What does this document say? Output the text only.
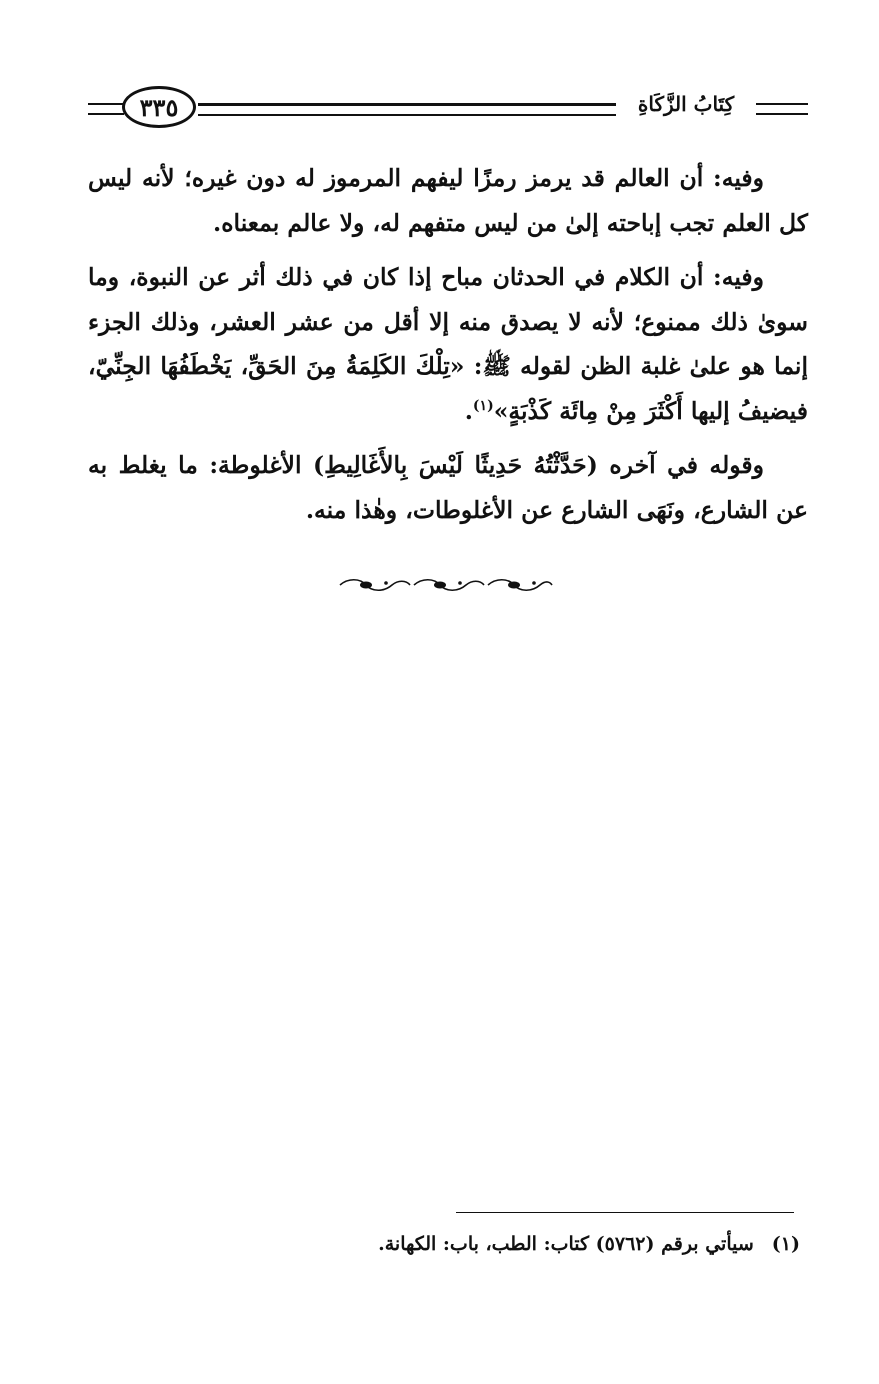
٣٣٥	كِتَابُ الزَّكَاةِ

وفيه: أن العالم قد يرمز رمزًا ليفهم المرموز له دون غيره؛ لأنه ليس كل العلم تجب إباحته إلىٰ من ليس متفهم له، ولا عالم بمعناه.

وفيه: أن الكلام في الحدثان مباح إذا كان في ذلك أثر عن النبوة، وما سوىٰ ذلك ممنوع؛ لأنه لا يصدق منه إلا أقل من عشر العشر، وذلك الجزء إنما هو علىٰ غلبة الظن لقوله ﷺ: «تِلْكَ الكَلِمَةُ مِنَ الحَقِّ، يَخْطَفُهَا الجِنِّيّ، فيضيفُ إليها أَكْثَرَ مِنْ مِائَة كَذْبَةٍ»$^{(١)}$.

وقوله في آخره (حَدَّثْتُهُ حَدِيثًا لَيْسَ بِالأَغَالِيطِ) الأغلوطة: ما يغلط به عن الشارع، ونَهَى الشارع عن الأغلوطات، وهٰذا منه.

(١)سيأتي برقم (٥٧٦٢) كتاب: الطب، باب: الكهانة.
